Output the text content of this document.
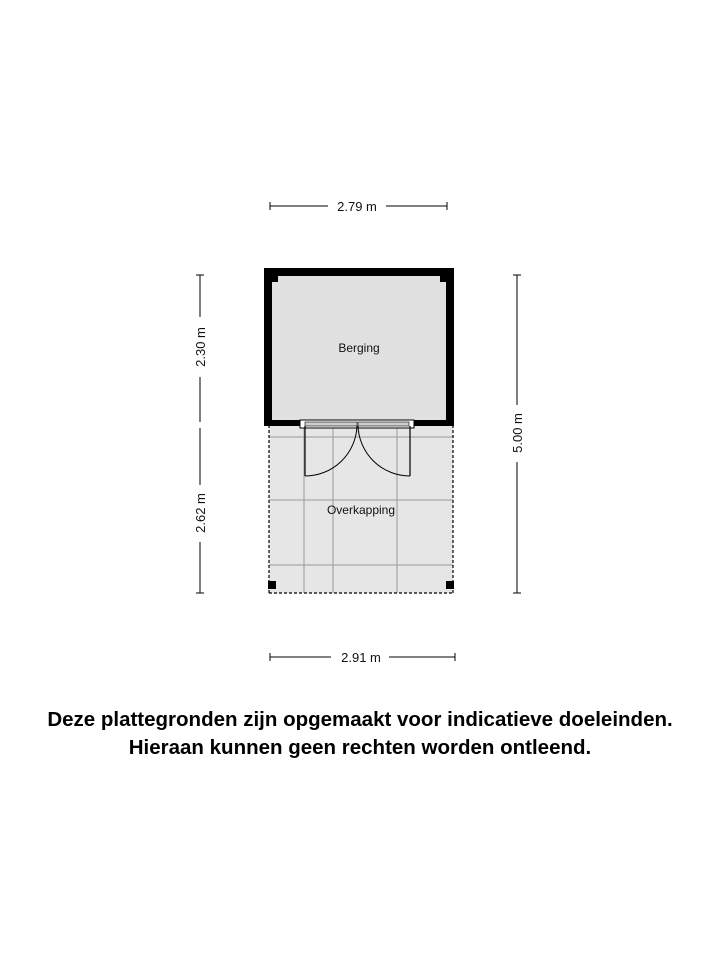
Berging
Overkapping
2.79 m
2.91 m
2.30 m
2.62 m
5.00 m
Deze plattegronden zijn opgemaakt voor indicatieve doeleinden.
Hieraan kunnen geen rechten worden ontleend.
